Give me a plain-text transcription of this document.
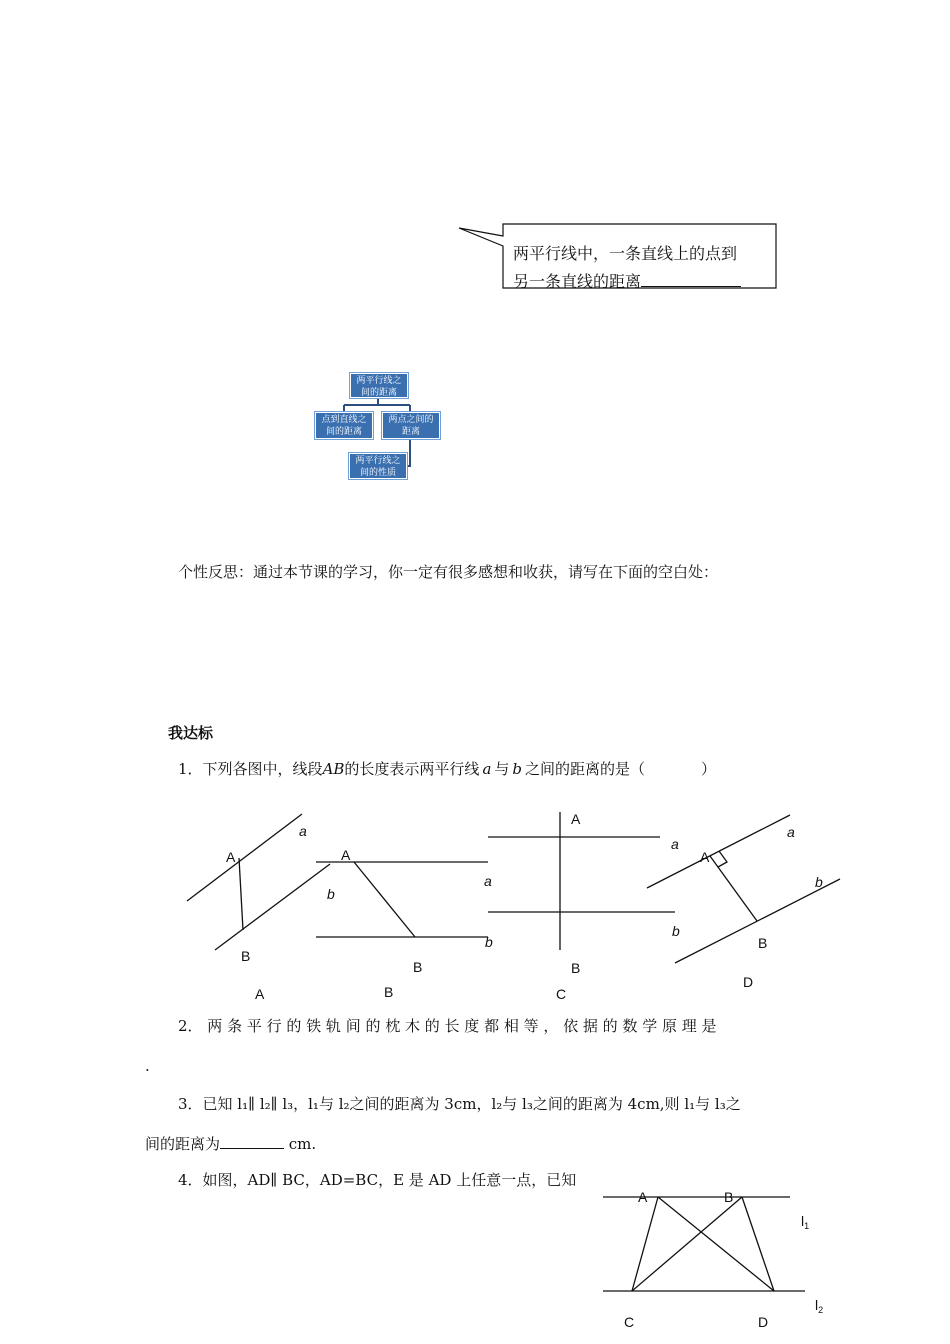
两平行线中，一条直线上的点到
另一条直线的距离
两平行线之
间的距离
点到直线之
间的距离
两点之间的
距离
两平行线之
间的性质
个性反思：通过本节课的学习，你一定有很多感想和收获，请写在下面的空白处：
我达标
1．下列各图中，线段AB的长度表示两平行线 a 与 b 之间的距离的是（	）
A
a
B
A
A
b
a
B
B
A
b
B
C
a
A
a
b
b
B
D
2． 两 条 平 行 的 铁 轨 间 的 枕 木 的 长 度 都 相 等 ， 依 据 的 数 学 原 理 是
.
3．已知 l₁∥ l₂∥ l₃，l₁与 l₂之间的距离为 3cm，l₂与 l₃之间的距离为 4cm,则 l₁与 l₃之
间的距离为	cm.
4．如图，AD∥ BC，AD=BC，E 是 AD 上任意一点，已知
A	B
C	D
$l_1$
$l_2$
